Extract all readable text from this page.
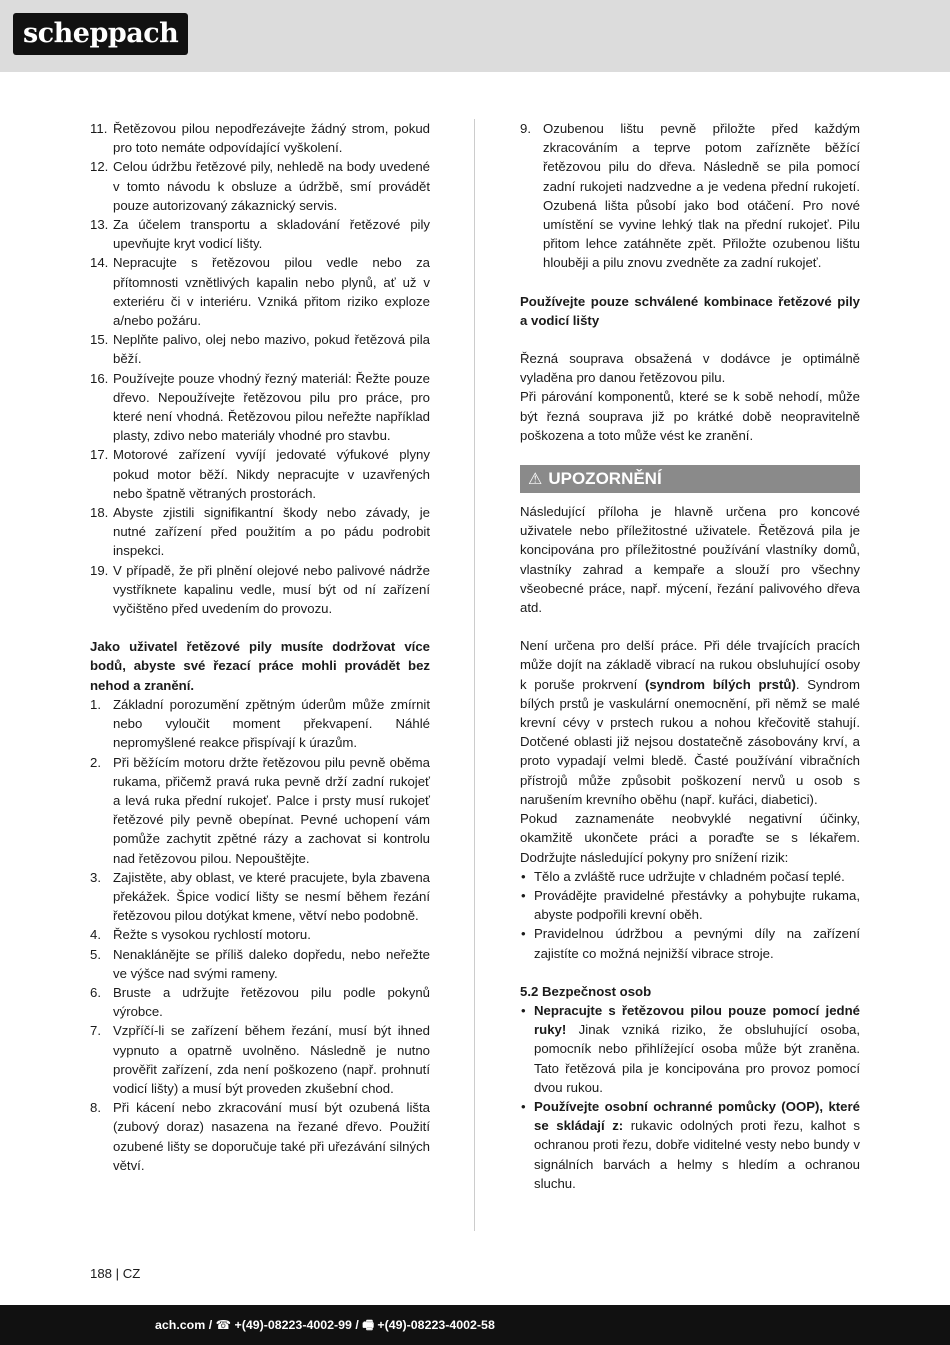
scheppach
11. Řetězovou pilou nepodřezávejte žádný strom, pokud pro toto nemáte odpovídající vyškolení.
12. Celou údržbu řetězové pily, nehledě na body uvedené v tomto návodu k obsluze a údržbě, smí provádět pouze autorizovaný zákaznický servis.
13. Za účelem transportu a skladování řetězové pily upevňujte kryt vodicí lišty.
14. Nepracujte s řetězovou pilou vedle nebo za přítomnosti vznětlivých kapalin nebo plynů, ať už v exteriéru či v interiéru. Vzniká přitom riziko exploze a/nebo požáru.
15. Neplňte palivo, olej nebo mazivo, pokud řetězová pila běží.
16. Používejte pouze vhodný řezný materiál: Řežte pouze dřevo. Nepoužívejte řetězovou pilu pro práce, pro které není vhodná. Řetězovou pilou neřežte například plasty, zdivo nebo materiály vhodné pro stavbu.
17. Motorové zařízení vyvíjí jedovaté výfukové plyny pokud motor běží. Nikdy nepracujte v uzavřených nebo špatně větraných prostorách.
18. Abyste zjistili signifikantní škody nebo závady, je nutné zařízení před použitím a po pádu podrobit inspekci.
19. V případě, že při plnění olejové nebo palivové nádrže vystříknete kapalinu vedle, musí být od ní zařízení vyčištěno před uvedením do provozu.

Jako uživatel řetězové pily musíte dodržovat více bodů, abyste své řezací práce mohli provádět bez nehod a zranění.

1. Základní porozumění zpětným úderům může zmírnit nebo vyloučit moment překvapení. Náhlé nepromyšlené reakce přispívají k úrazům.
2. Při běžícím motoru držte řetězovou pilu pevně oběma rukama, přičemž pravá ruka pevně drží zadní rukojeť a levá ruka přední rukojeť. Palce i prsty musí rukojeť řetězové pily pevně obepínat. Pevné uchopení vám pomůže zachytit zpětné rázy a zachovat si kontrolu nad řetězovou pilou. Nepouštějte.
3. Zajistěte, aby oblast, ve které pracujete, byla zbavena překážek. Špice vodicí lišty se nesmí během řezání řetězovou pilou dotýkat kmene, větví nebo podobně.
4. Řežte s vysokou rychlostí motoru.
5. Nenaklánějte se příliš daleko dopředu, nebo neřežte ve výšce nad svými rameny.
6. Bruste a udržujte řetězovou pilu podle pokynů výrobce.
7. Vzpříčí-li se zařízení během řezání, musí být ihned vypnuto a opatrně uvolněno. Následně je nutno prověřit zařízení, zda není poškozeno (např. prohnutí vodicí lišty) a musí být proveden zkušební chod.
8. Při kácení nebo zkracování musí být ozubená lišta (zubový doraz) nasazena na řezané dřevo. Použití ozubené lišty se doporučuje také při uřezávání silných větví.
9. Ozubenou lištu pevně přiložte před každým zkracováním a teprve potom zařízněte běžící řetězovou pilu do dřeva. Následně se pila pomocí zadní rukojeti nadzvedne a je vedena přední rukojetí. Ozubená lišta působí jako bod otáčení. Pro nové umístění se vyvine lehký tlak na přední rukojeť. Pilu přitom lehce zatáhněte zpět. Přiložte ozubenou lištu hlouběji a pilu znovu zvedněte za zadní rukojeť.

Používejte pouze schválené kombinace řetězové pily a vodicí lišty

Řezná souprava obsažená v dodávce je optimálně vyladěna pro danou řetězovou pilu.

Při párování komponentů, které se k sobě nehodí, může být řezná souprava již po krátké době neopravitelně poškozena a toto může vést ke zranění.

⚠ UPOZORNĚNÍ

Následující příloha je hlavně určena pro koncové uživatele nebo příležitostné uživatele. Řetězová pila je koncipována pro příležitostné používání vlastníky domů, vlastníky zahrad a kempaře a slouží pro všechny všeobecné práce, např. mýcení, řezání palivového dřeva atd.

Není určena pro delší práce. Při déle trvajících pracích může dojít na základě vibrací na rukou obsluhující osoby k poruše prokrvení (syndrom bílých prstů). Syndrom bílých prstů je vaskulární onemocnění, při němž se malé krevní cévy v prstech rukou a nohou křečovitě stahují. Dotčené oblasti již nejsou dostatečně zásobovány krví, a proto vypadají velmi bledě. Časté používání vibračních přístrojů může způsobit poškození nervů u osob s narušením krevního oběhu (např. kuřáci, diabetici).

Pokud zaznamenáte neobvyklé negativní účinky, okamžitě ukončete práci a poraďte se s lékařem. Dodržujte následující pokyny pro snížení rizik:

• Tělo a zvláště ruce udržujte v chladném počasí teplé.
• Provádějte pravidelné přestávky a pohybujte rukama, abyste podpořili krevní oběh.
• Pravidelnou údržbou a pevnými díly na zařízení zajistíte co možná nejnižší vibrace stroje.

5.2 Bezpečnost osob

• Nepracujte s řetězovou pilou pouze pomocí jedné ruky! Jinak vzniká riziko, že obsluhující osoba, pomocník nebo přihlížející osoba může být zraněna. Tato řetězová pila je koncipována pro provoz pomocí dvou rukou.
• Používejte osobní ochranné pomůcky (OOP), které se skládají z: rukavic odolných proti řezu, kalhot s ochranou proti řezu, dobře viditelné vesty nebo bundy v signálních barvách a helmy s hledím a ochranou sluchu.
188 | CZ
ach.com / ☎ +(49)-08223-4002-99 / 🖷 +(49)-08223-4002-58
